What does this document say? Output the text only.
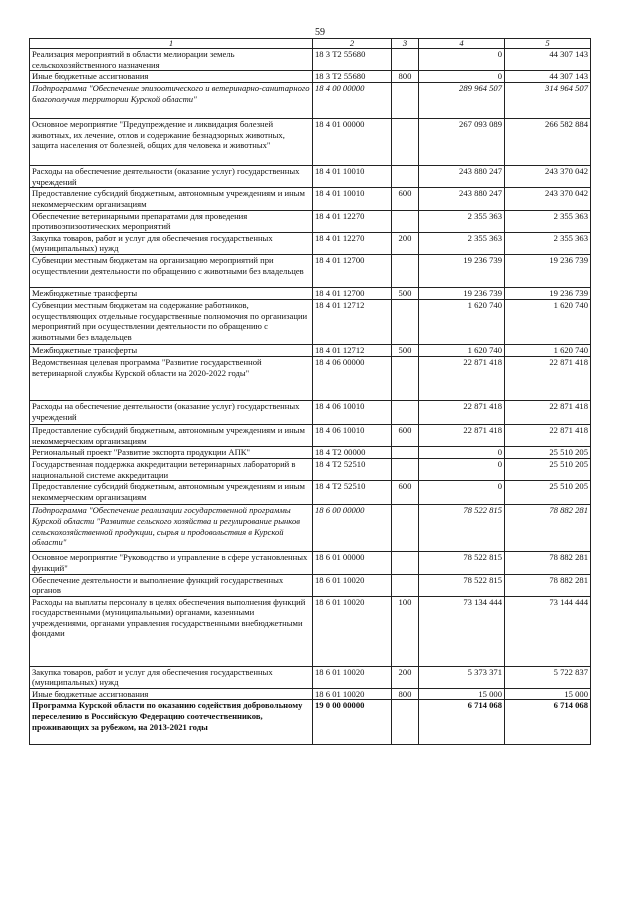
59
1	2	3	4	5
Реализация мероприятий в области мелиорации земель сельскохозяйственного назначения	18 3 Т2 55680		0	44 307 143
Иные бюджетные ассигнования	18 3 Т2 55680	800	0	44 307 143
Подпрограмма "Обеспечение эпизоотического и ветеринарно-санитарного благополучия территории Курской области"	18 4 00 00000		289 964 507	314 964 507
Основное мероприятие "Предупреждение и ликвидация болезней животных, их лечение, отлов и содержание безнадзорных животных, защита населения от болезней, общих для человека и животных"	18 4 01 00000		267 093 089	266 582 884
Расходы на обеспечение деятельности (оказание услуг) государственных учреждений	18 4 01 10010		243 880 247	243 370 042
Предоставление субсидий бюджетным, автономным учреждениям и иным некоммерческим организациям	18 4 01 10010	600	243 880 247	243 370 042
Обеспечение ветеринарными препаратами для проведения противоэпизоотических мероприятий	18 4 01 12270		2 355 363	2 355 363
Закупка товаров, работ и услуг для обеспечения государственных (муниципальных) нужд	18 4 01 12270	200	2 355 363	2 355 363
Субвенции местным бюджетам на организацию мероприятий при осуществлении деятельности по обращению с животными без владельцев	18 4 01 12700		19 236 739	19 236 739
Межбюджетные трансферты	18 4 01 12700	500	19 236 739	19 236 739
Субвенции местным бюджетам на содержание работников, осуществляющих отдельные государственные полномочия по организации мероприятий при осуществлении деятельности по обращению с животными без владельцев	18 4 01 12712		1 620 740	1 620 740
Межбюджетные трансферты	18 4 01 12712	500	1 620 740	1 620 740
Ведомственная целевая программа "Развитие государственной ветеринарной службы Курской области на 2020-2022 годы"	18 4 06 00000		22 871 418	22 871 418
Расходы на обеспечение деятельности (оказание услуг) государственных учреждений	18 4 06 10010		22 871 418	22 871 418
Предоставление субсидий бюджетным, автономным учреждениям и иным некоммерческим организациям	18 4 06 10010	600	22 871 418	22 871 418
Региональный проект "Развитие экспорта продукции АПК"	18 4 Т2 00000		0	25 510 205
Государственная поддержка аккредитации ветеринарных лабораторий в национальной системе аккредитации	18 4 Т2 52510		0	25 510 205
Предоставление субсидий бюджетным, автономным учреждениям и иным некоммерческим организациям	18 4 Т2 52510	600	0	25 510 205
Подпрограмма "Обеспечение реализации государственной программы Курской области "Развитие сельского хозяйства и регулирование рынков сельскохозяйственной продукции, сырья и продовольствия в Курской области"	18 6 00 00000		78 522 815	78 882 281
Основное мероприятие "Руководство и управление в сфере установленных функций"	18 6 01 00000		78 522 815	78 882 281
Обеспечение деятельности и выполнение функций государственных органов	18 6 01 10020		78 522 815	78 882 281
Расходы на выплаты персоналу в целях обеспечения выполнения функций государственными (муниципальными) органами, казенными учреждениями, органами управления государственными внебюджетными фондами	18 6 01 10020	100	73 134 444	73 144 444
Закупка товаров, работ и услуг для обеспечения государственных (муниципальных) нужд	18 6 01 10020	200	5 373 371	5 722 837
Иные бюджетные ассигнования	18 6 01 10020	800	15 000	15 000
Программа Курской области по оказанию содействия добровольному переселению в Российскую Федерацию соотечественников, проживающих за рубежом, на 2013-2021 годы	19 0 00 00000		6 714 068	6 714 068
